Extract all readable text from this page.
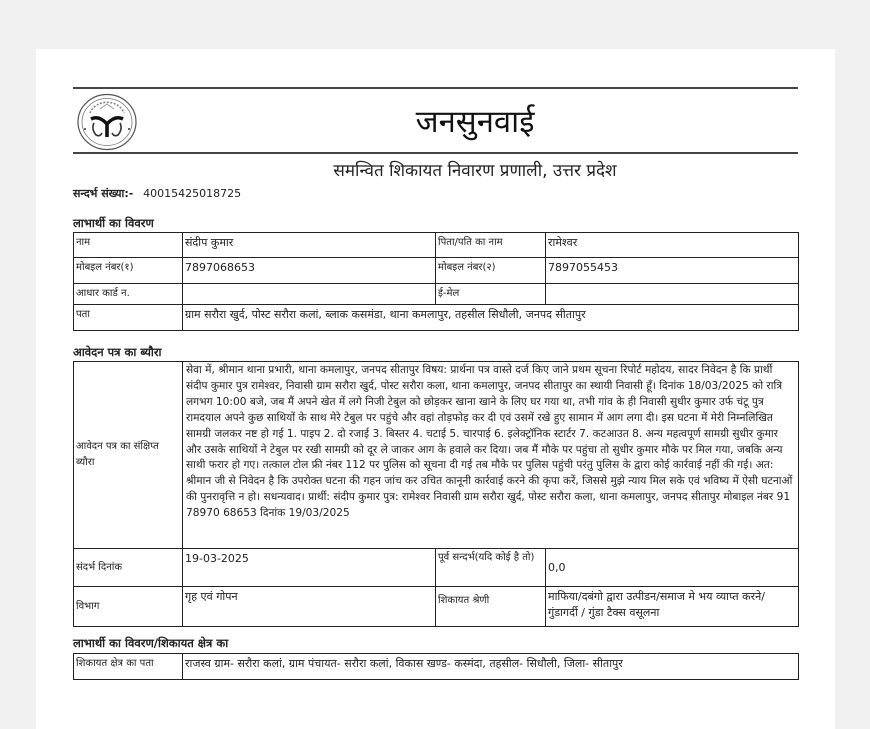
जनसुनवाई
समन्वित शिकायत निवारण प्रणाली, उत्तर प्रदेश
सन्दर्भ संख्या:- 40015425018725
लाभार्थी का विवरण
नाम	संदीप कुमार	पिता/पति का नाम	रामेश्वर
मोबइल नंबर(१)	7897068653	मोबइल नंबर(२)	7897055453
आधार कार्ड न.		ई-मेल	
पता	ग्राम सरौरा खुर्द, पोस्ट सरौरा कलां, ब्लाक कसमंडा, थाना कमलापुर, तहसील सिधौली, जनपद सीतापुर		
आवेदन पत्र का ब्यौरा
आवेदन पत्र का संक्षिप्त ब्यौरा	सेवा में, श्रीमान थाना प्रभारी, थाना कमलापुर, जनपद सीतापुर विषय: प्रार्थना पत्र वास्ते दर्ज किए जाने प्रथम सूचना रिपोर्ट महोदय, सादर निवेदन है कि प्रार्थी संदीप कुमार पुत्र रामेश्वर, निवासी ग्राम सरौरा खुर्द, पोस्ट सरौरा कला, थाना कमलापुर, जनपद सीतापुर का स्थायी निवासी हूँ। दिनांक 18/03/2025 को रात्रि लगभग 10:00 बजे, जब मैं अपने खेत में लगे निजी टेबुल को छोड़कर खाना खाने के लिए घर गया था, तभी गांव के ही निवासी सुधीर कुमार उर्फ चंटू पुत्र रामदयाल अपने कुछ साथियों के साथ मेरे टेबुल पर पहुंचे और वहां तोड़फोड़ कर दी एवं उसमें रखे हुए सामान में आग लगा दी। इस घटना में मेरी निम्नलिखित सामग्री जलकर नष्ट हो गई 1. पाइप 2. दो रजाई 3. बिस्तर 4. चटाई 5. चारपाई 6. इलेक्ट्रॉनिक स्टार्टर 7. कटआउत 8. अन्य महत्वपूर्ण सामग्री सुधीर कुमार और उसके साथियों ने टेबुल पर रखी सामग्री को दूर ले जाकर आग के हवाले कर दिया। जब मैं मौके पर पहुंचा तो सुधीर कुमार मौके पर मिल गया, जबकि अन्य साथी फरार हो गए। तत्काल टोल फ्री नंबर 112 पर पुलिस को सूचना दी गई तब मौके पर पुलिस पहुंची परंतु पुलिस के द्वारा कोई कार्रवाई नहीं की गई। अत: श्रीमान जी से निवेदन है कि उपरोक्त घटना की गहन जांच कर उचित कानूनी कार्रवाई करने की कृपा करें, जिससे मुझे न्याय मिल सके एवं भविष्य में ऐसी घटनाओं की पुनरावृत्ति न हो। सधन्यवाद। प्रार्थी: संदीप कुमार पुत्र: रामेश्वर निवासी ग्राम सरौरा खुर्द, पोस्ट सरौरा कला, थाना कमलापुर, जनपद सीतापुर मोबाइल नंबर 91 78970 68653 दिनांक 19/03/2025		
संदर्भ दिनांक	19-03-2025	पूर्व सन्दर्भ(यदि कोई है तो)	0,0
विभाग	गृह एवं गोपन	शिकायत श्रेणी	माफिया/दबंगो द्वारा उत्पीडन/समाज मे भय व्याप्त करने/ गुंडागर्दी / गुंडा टैक्स वसूलना
लाभार्थी का विवरण/शिकायत क्षेत्र का
शिकायत क्षेत्र का पता	राजस्व ग्राम- सरौरा कलां, ग्राम पंचायत- सरौरा कलां, विकास खण्ड- कस्मंदा, तहसील- सिधौली, जिला- सीतापुर
